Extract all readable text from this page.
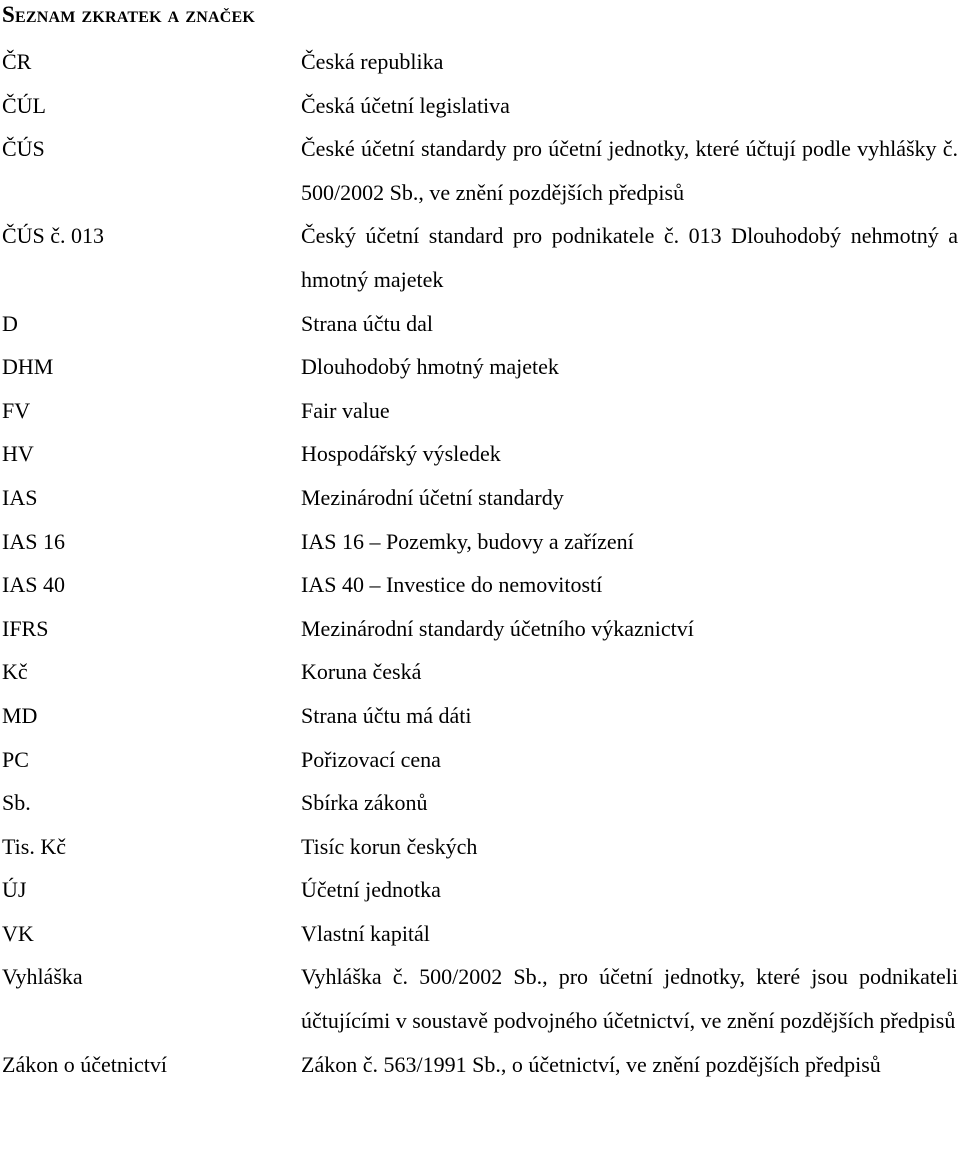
Seznam zkratek a značek
ČR	Česká republika
ČÚL	Česká účetní legislativa
ČÚS	České účetní standardy pro účetní jednotky, které účtují podle vyhlášky č. 500/2002 Sb., ve znění pozdějších předpisů
ČÚS č. 013	Český účetní standard pro podnikatele č. 013 Dlouhodobý nehmotný a hmotný majetek
D	Strana účtu dal
DHM	Dlouhodobý hmotný majetek
FV	Fair value
HV	Hospodářský výsledek
IAS	Mezinárodní účetní standardy
IAS 16	IAS 16 – Pozemky, budovy a zařízení
IAS 40	IAS 40 – Investice do nemovitostí
IFRS	Mezinárodní standardy účetního výkaznictví
Kč	Koruna česká
MD	Strana účtu má dáti
PC	Pořizovací cena
Sb.	Sbírka zákonů
Tis. Kč	Tisíc korun českých
ÚJ	Účetní jednotka
VK	Vlastní kapitál
Vyhláška	Vyhláška č. 500/2002 Sb., pro účetní jednotky, které jsou podnikateli účtujícími v soustavě podvojného účetnictví, ve znění pozdějších předpisů
Zákon o účetnictví	Zákon č. 563/1991 Sb., o účetnictví, ve znění pozdějších předpisů
